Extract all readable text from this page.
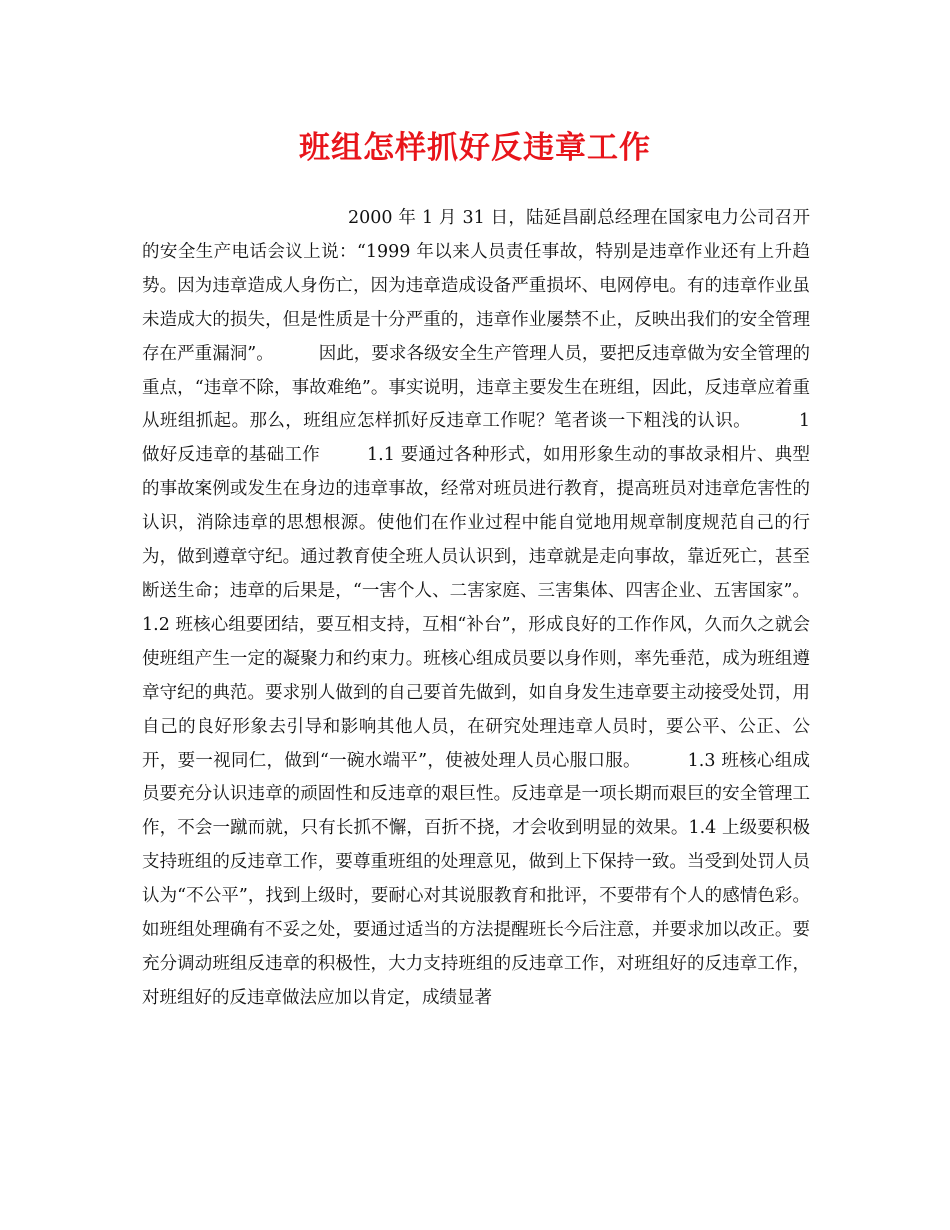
班组怎样抓好反违章工作

2000 年 1 月 31 日，陆延昌副总经理在国家电力公司召开的安全生产电话会议上说：“1999 年以来人员责任事故，特别是违章作业还有上升趋势。因为违章造成人身伤亡，因为违章造成设备严重损坏、电网停电。有的违章作业虽未造成大的损失，但是性质是十分严重的，违章作业屡禁不止，反映出我们的安全管理存在严重漏洞”。        因此，要求各级安全生产管理人员，要把反违章做为安全管理的重点，“违章不除，事故难绝”。事实说明，违章主要发生在班组，因此，反违章应着重从班组抓起。那么，班组应怎样抓好反违章工作呢？笔者谈一下粗浅的认识。        1 做好反违章的基础工作        1.1 要通过各种形式，如用形象生动的事故录相片、典型的事故案例或发生在身边的违章事故，经常对班员进行教育，提高班员对违章危害性的认识，消除违章的思想根源。使他们在作业过程中能自觉地用规章制度规范自己的行为，做到遵章守纪。通过教育使全班人员认识到，违章就是走向事故，靠近死亡，甚至断送生命；违章的后果是，“一害个人、二害家庭、三害集体、四害企业、五害国家”。        1.2 班核心组要团结，要互相支持，互相“补台”，形成良好的工作作风，久而久之就会使班组产生一定的凝聚力和约束力。班核心组成员要以身作则，率先垂范，成为班组遵章守纪的典范。要求别人做到的自己要首先做到，如自身发生违章要主动接受处罚，用自己的良好形象去引导和影响其他人员，在研究处理违章人员时，要公平、公正、公开，要一视同仁，做到“一碗水端平”，使被处理人员心服口服。        1.3 班核心组成员要充分认识违章的顽固性和反违章的艰巨性。反违章是一项长期而艰巨的安全管理工作，不会一蹴而就，只有长抓不懈，百折不挠，才会收到明显的效果。1.4 上级要积极支持班组的反违章工作，要尊重班组的处理意见，做到上下保持一致。当受到处罚人员认为“不公平”，找到上级时，要耐心对其说服教育和批评，不要带有个人的感情色彩。如班组处理确有不妥之处，要通过适当的方法提醒班长今后注意，并要求加以改正。要充分调动班组反违章的积极性，大力支持班组的反违章工作，对班组好的反违章工作，对班组好的反违章做法应加以肯定，成绩显著
